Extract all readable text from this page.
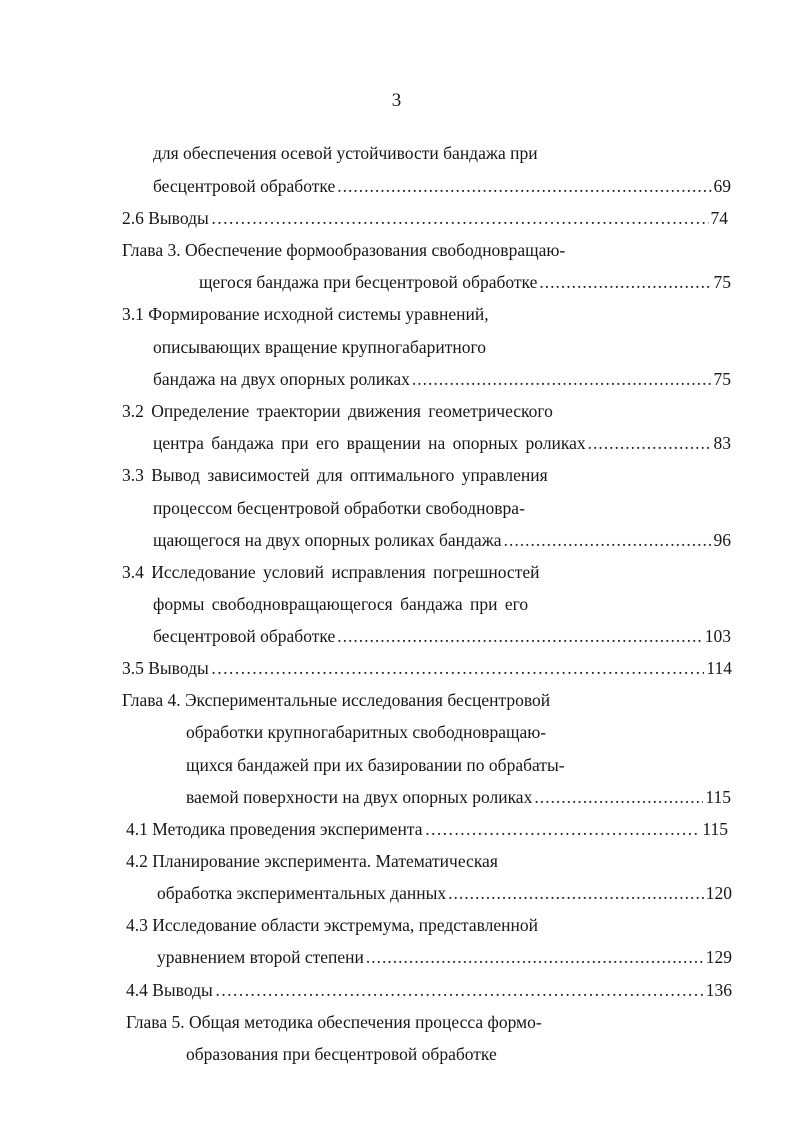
3
для обеспечения осевой устойчивости бандажа при
бесцентровой обработке .....	69
2.6 Выводы ………………………………………………………………………………………………………………………	74
Глава 3. Обеспечение формообразования свободновращаю-
щегося бандажа при бесцентровой обработке .....	75
3.1 Формирование исходной системы уравнений,
описывающих вращение крупногабаритного
бандажа на двух опорных роликах .....	75
3.2 Определение траектории движения геометрического
центра бандажа при его вращении на опорных роликах .....	83
3.3 Вывод зависимостей для оптимального управления
процессом бесцентровой обработки свободновра-
щающегося на двух опорных роликах бандажа .....	96
3.4 Исследование условий исправления погрешностей
формы свободновращающегося бандажа при его
бесцентровой обработке .....	103
3.5 Выводы ………………………………………………………………………………………………………………………	114
Глава 4. Экспериментальные исследования бесцентровой
обработки крупногабаритных свободновращаю-
щихся бандажей при их базировании по обрабаты-
ваемой поверхности на двух опорных роликах .....	115
4.1 Методика проведения эксперимента ………………………………………………………………………………………………………………………	115
4.2 Планирование эксперимента. Математическая
обработка экспериментальных данных .....	120
4.3 Исследование области экстремума, представленной
уравнением второй степени .....	129
4.4 Выводы ………………………………………………………………………………………………………………………	136
Глава 5. Общая методика обеспечения процесса формо-
образования при бесцентровой обработке
